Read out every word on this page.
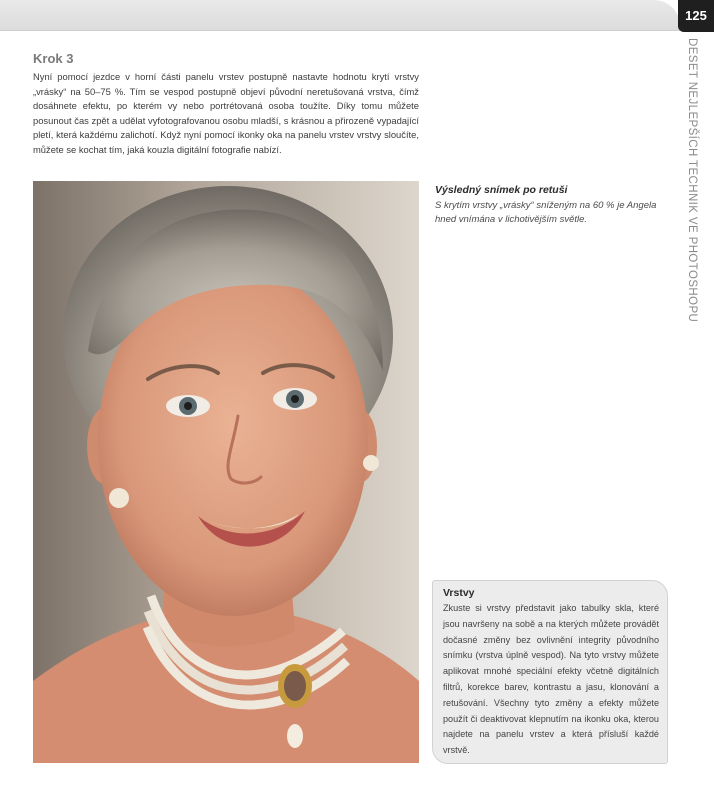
125
DESET NEJLEPŠÍCH TECHNIK VE PHOTOSHOPU
Krok 3

Nyní pomocí jezdce v horní části panelu vrstev postupně nastavte hodnotu krytí vrstvy „vrásky“ na 50–75 %. Tím se vespod postupně objeví původní neretušovaná vrstva, čímž dosáhnete efektu, po kterém vy nebo portrétovaná osoba toužíte. Díky tomu můžete posunout čas zpět a udělat vyfotografovanou osobu mladší, s krásnou a přirozeně vypadající pletí, která každému zalichotí. Když nyní pomocí ikonky oka na panelu vrstev vrstvy sloučíte, můžete se kochat tím, jaká kouzla digitální fotografie nabízí.

Výsledný snímek po retuši

S krytím vrstvy „vrásky“ sníženým na 60 % je Angela hned vnímána v lichotivějším světle.

Vrstvy

Zkuste si vrstvy představit jako tabulky skla, které jsou navršeny na sobě a na kterých můžete provádět dočasné změny bez ovlivnění integrity původního snímku (vrstva úplně vespod). Na tyto vrstvy můžete aplikovat mnohé speciální efekty včetně digitálních filtrů, korekce barev, kontrastu a jasu, klonování a retušování. Všechny tyto změny a efekty můžete použít či deaktivovat klepnutím na ikonku oka, kterou najdete na panelu vrstev a která přísluší každé vrstvě.
